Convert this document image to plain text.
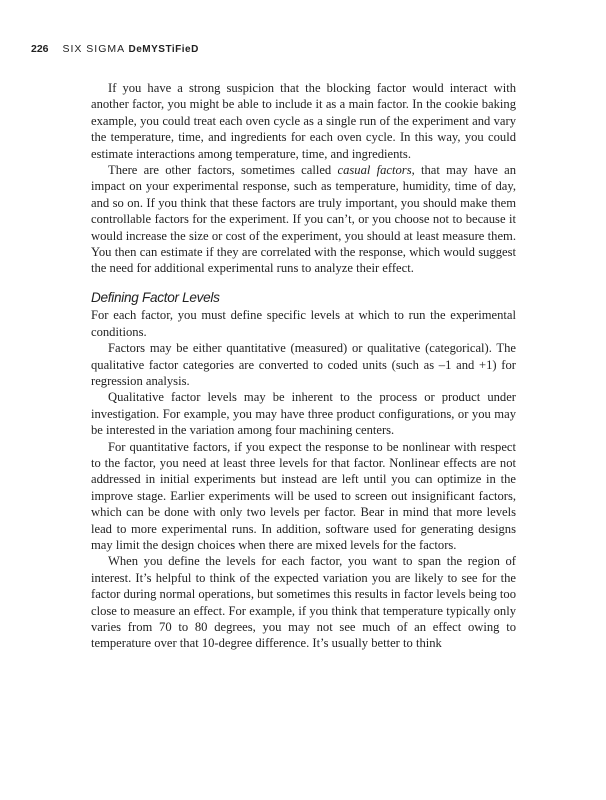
226 SIX SIGMA DeMYSTiFieD

If you have a strong suspicion that the blocking factor would interact with another factor, you might be able to include it as a main factor. In the cookie baking example, you could treat each oven cycle as a single run of the experiment and vary the temperature, time, and ingredients for each oven cycle. In this way, you could estimate interactions among temperature, time, and ingredients.

There are other factors, sometimes called casual factors, that may have an impact on your experimental response, such as temperature, humidity, time of day, and so on. If you think that these factors are truly important, you should make them controllable factors for the experiment. If you can’t, or you choose not to because it would increase the size or cost of the experiment, you should at least measure them. You then can estimate if they are correlated with the response, which would suggest the need for additional experimental runs to analyze their effect.

Defining Factor Levels

For each factor, you must define specific levels at which to run the experimental conditions.

Factors may be either quantitative (measured) or qualitative (categorical). The qualitative factor categories are converted to coded units (such as –1 and +1) for regression analysis.

Qualitative factor levels may be inherent to the process or product under investigation. For example, you may have three product configurations, or you may be interested in the variation among four machining centers.

For quantitative factors, if you expect the response to be nonlinear with respect to the factor, you need at least three levels for that factor. Nonlinear effects are not addressed in initial experiments but instead are left until you can optimize in the improve stage. Earlier experiments will be used to screen out insignificant factors, which can be done with only two levels per factor. Bear in mind that more levels lead to more experimental runs. In addition, software used for generating designs may limit the design choices when there are mixed levels for the factors.

When you define the levels for each factor, you want to span the region of interest. It’s helpful to think of the expected variation you are likely to see for the factor during normal operations, but sometimes this results in factor levels being too close to measure an effect. For example, if you think that temperature typically only varies from 70 to 80 degrees, you may not see much of an effect owing to temperature over that 10-degree difference. It’s usually better to think
